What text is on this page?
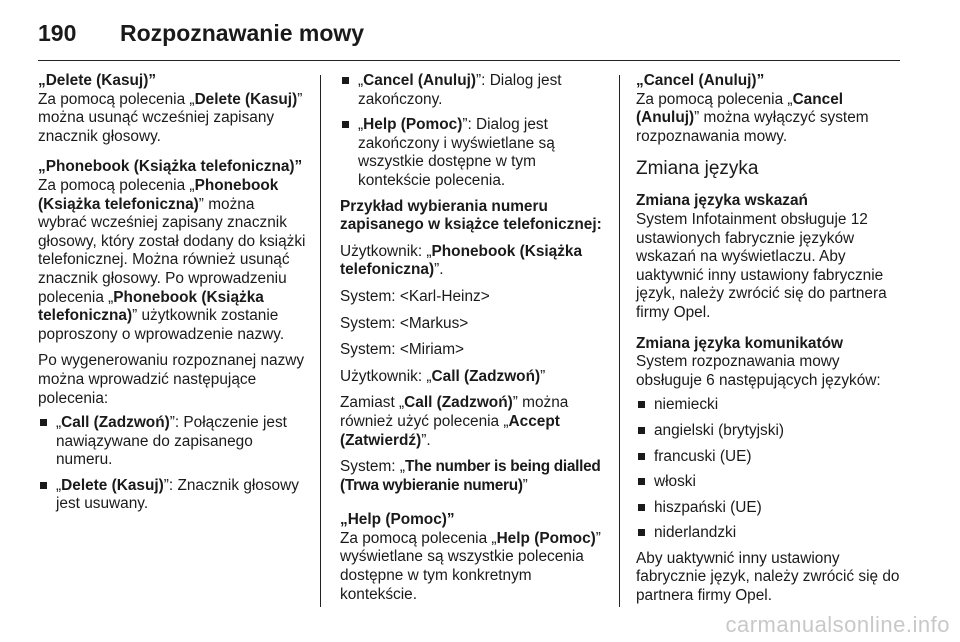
190 Rozpoznawanie mowy

„Delete (Kasuj)”
Za pomocą polecenia „Delete (Kasuj)” można usunąć wcześniej zapisany znacznik głosowy.

„Phonebook (Książka telefoniczna)”
Za pomocą polecenia „Phonebook (Książka telefoniczna)” można wybrać wcześniej zapisany znacznik głosowy, który został dodany do książki telefonicznej. Można również usunąć znacznik głosowy. Po wprowadzeniu polecenia „Phonebook (Książka telefoniczna)” użytkownik zostanie poproszony o wprowadzenie nazwy.

Po wygenerowaniu rozpoznanej nazwy można wprowadzić następujące polecenia:

„Call (Zadzwoń)”: Połączenie jest nawiązywane do zapisanego numeru.
„Delete (Kasuj)”: Znacznik głosowy jest usuwany.
„Cancel (Anuluj)”: Dialog jest zakończony.
„Help (Pomoc)”: Dialog jest zakończony i wyświetlane są wszystkie dostępne w tym kontekście polecenia.
Przykład wybierania numeru zapisanego w książce telefonicznej:
Użytkownik: „Phonebook (Książka telefoniczna)”.
System: <Karl-Heinz>
System: <Markus>
System: <Miriam>
Użytkownik: „Call (Zadzwoń)”
Zamiast „Call (Zadzwoń)” można również użyć polecenia „Accept (Zatwierdź)”.
System: „The number is being dialled (Trwa wybieranie numeru)”

„Help (Pomoc)”
Za pomocą polecenia „Help (Pomoc)” wyświetlane są wszystkie polecenia dostępne w tym konkretnym kontekście.

„Cancel (Anuluj)”
Za pomocą polecenia „Cancel (Anuluj)” można wyłączyć system rozpoznawania mowy.

Zmiana języka

Zmiana języka wskazań
System Infotainment obsługuje 12 ustawionych fabrycznie języków wskazań na wyświetlaczu. Aby uaktywnić inny ustawiony fabrycznie język, należy zwrócić się do partnera firmy Opel.

Zmiana języka komunikatów
System rozpoznawania mowy obsługuje 6 następujących języków:

niemiecki
angielski (brytyjski)
francuski (UE)
włoski
hiszpański (UE)
niderlandzki

Aby uaktywnić inny ustawiony fabrycznie język, należy zwrócić się do partnera firmy Opel.

carmanualsonline.info
